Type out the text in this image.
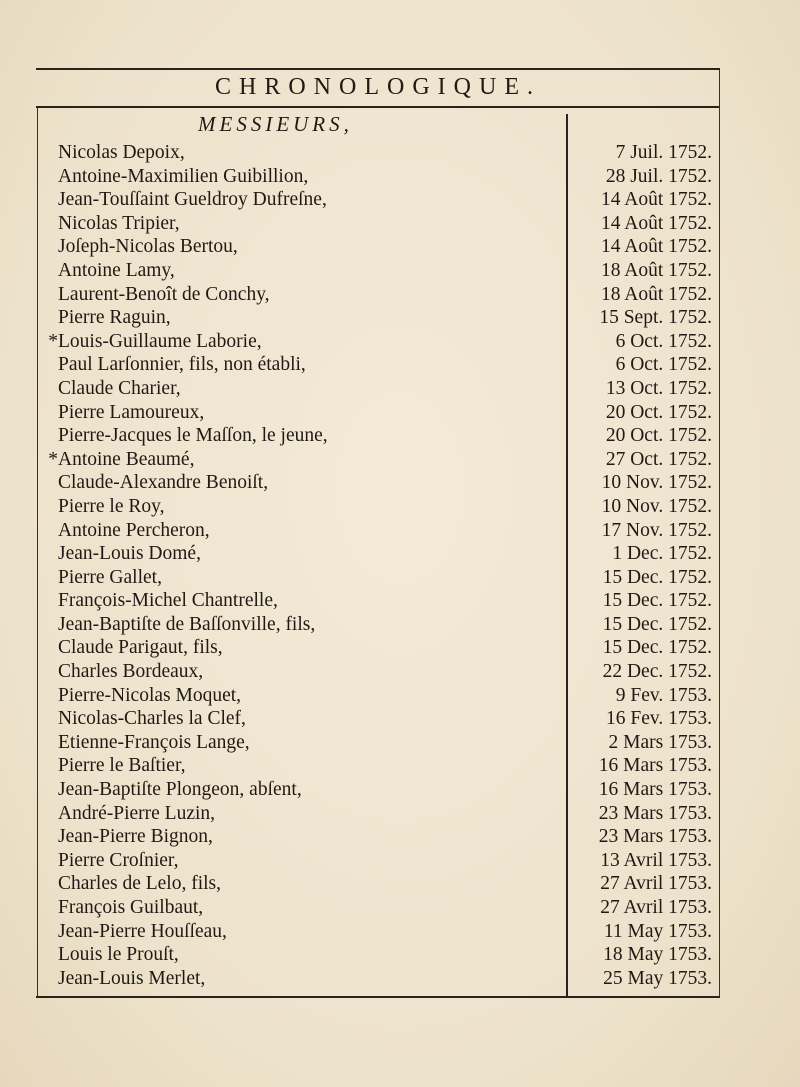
CHRONOLOGIQUE.
MESSIEURS,
Nicolas Depoix,
Antoine-Maximilien Guibillion,
Jean-Touſſaint Gueldroy Dufreſne,
Nicolas Tripier,
Joſeph-Nicolas Bertou,
Antoine Lamy,
Laurent-Benoît de Conchy,
Pierre Raguin,
*Louis-Guillaume Laborie,
Paul Larſonnier, fils, non établi,
Claude Charier,
Pierre Lamoureux,
Pierre-Jacques le Maſſon, le jeune,
*Antoine Beaumé,
Claude-Alexandre Benoiſt,
Pierre le Roy,
Antoine Percheron,
Jean-Louis Domé,
Pierre Gallet,
François-Michel Chantrelle,
Jean-Baptiſte de Baſſonville, fils,
Claude Parigaut, fils,
Charles Bordeaux,
Pierre-Nicolas Moquet,
Nicolas-Charles la Clef,
Etienne-François Lange,
Pierre le Baſtier,
Jean-Baptiſte Plongeon, abſent,
André-Pierre Luzin,
Jean-Pierre Bignon,
Pierre Croſnier,
Charles de Lelo, fils,
François Guilbaut,
Jean-Pierre Houſſeau,
Louis le Prouſt,
Jean-Louis Merlet,
7 Juil. 1752.
28 Juil. 1752.
14 Août 1752.
14 Août 1752.
14 Août 1752.
18 Août 1752.
18 Août 1752.
15 Sept. 1752.
6 Oct. 1752.
6 Oct. 1752.
13 Oct. 1752.
20 Oct. 1752.
20 Oct. 1752.
27 Oct. 1752.
10 Nov. 1752.
10 Nov. 1752.
17 Nov. 1752.
1 Dec. 1752.
15 Dec. 1752.
15 Dec. 1752.
15 Dec. 1752.
15 Dec. 1752.
22 Dec. 1752.
9 Fev. 1753.
16 Fev. 1753.
2 Mars 1753.
16 Mars 1753.
16 Mars 1753.
23 Mars 1753.
23 Mars 1753.
13 Avril 1753.
27 Avril 1753.
27 Avril 1753.
11 May 1753.
18 May 1753.
25 May 1753.
